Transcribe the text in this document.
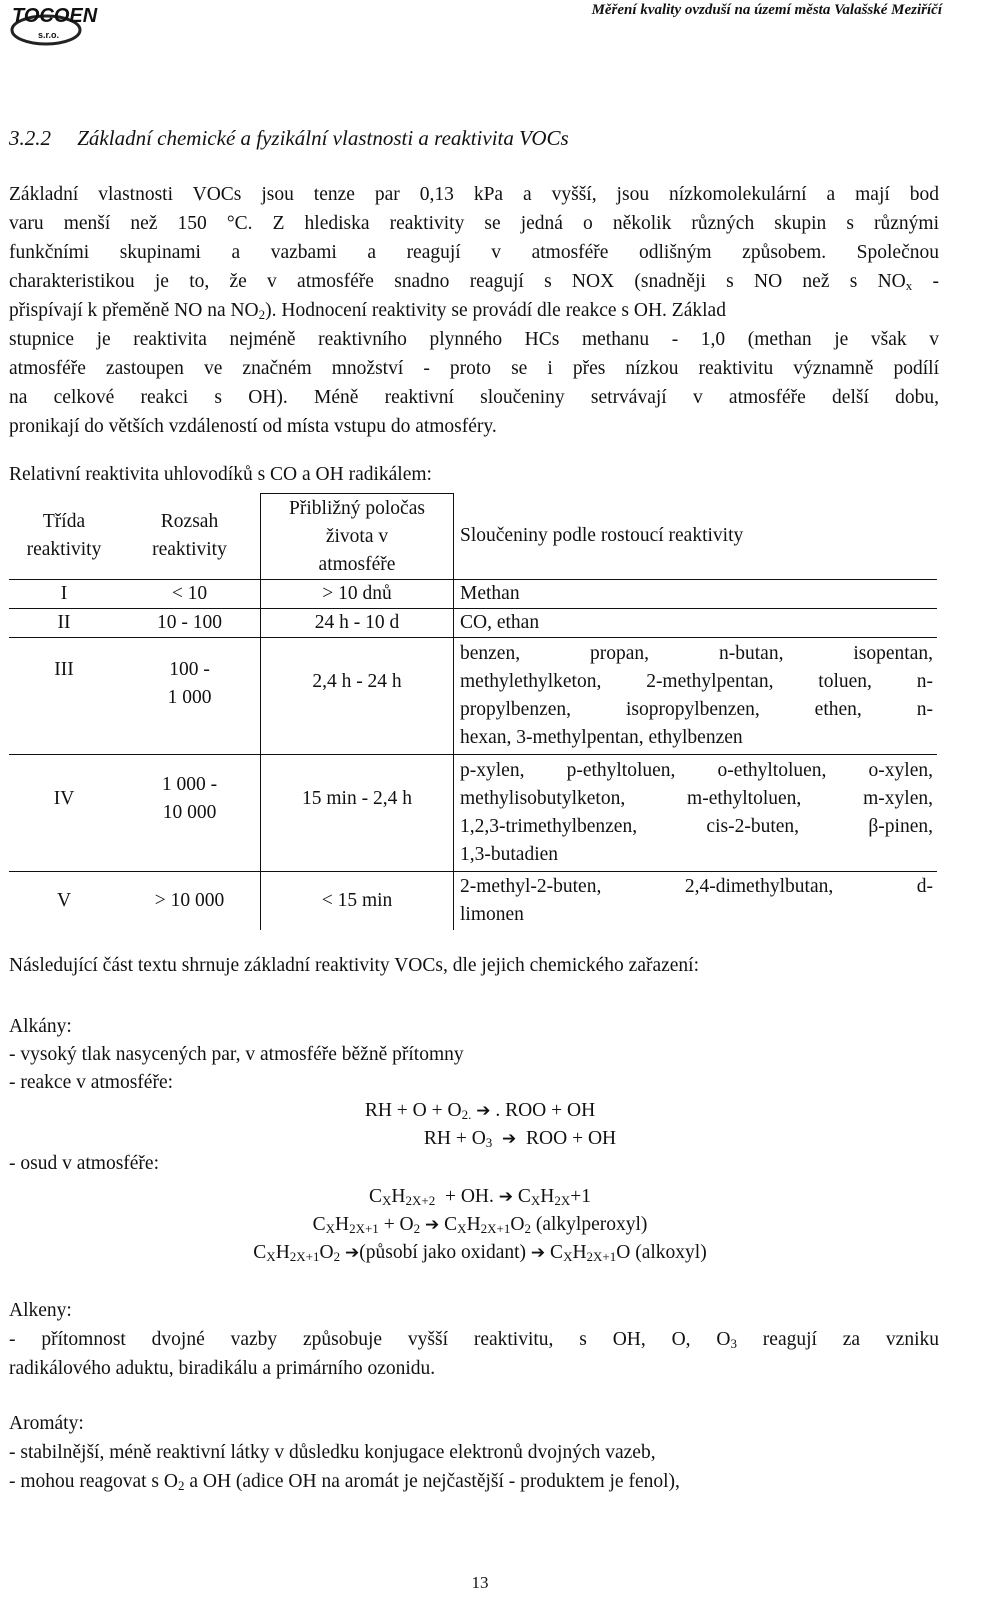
TOCOEN
s.r.o.
Měření kvality ovzduší na území města Valašské Meziříčí
3.2.2 Základní chemické a fyzikální vlastnosti a reaktivita VOCs
Základní vlastnosti VOCs jsou tenze par 0,13 kPa a vyšší, jsou nízkomolekulární a mají bod
varu menší než 150 °C. Z hlediska reaktivity se jedná o několik různých skupin s různými
funkčními skupinami a vazbami a reagují v atmosféře odlišným způsobem. Společnou
charakteristikou je to, že v atmosféře snadno reagují s NOX (snadněji s NO než s $NO_x$ -
přispívají k přeměně NO na $NO_2$). Hodnocení reaktivity se provádí dle reakce s OH. Základ
stupnice je reaktivita nejméně reaktivního plynného HCs methanu - 1,0 (methan je však v
atmosféře zastoupen ve značném množství - proto se i přes nízkou reaktivitu významně podílí
na celkové reakci s OH). Méně reaktivní sloučeniny setrvávají v atmosféře delší dobu,
pronikají do větších vzdáleností od místa vstupu do atmosféry.
Relativní reaktivita uhlovodíků s CO a OH radikálem:
Třída
reaktivity	Rozsah
reaktivity	Přibližný poločas
života v
atmosféře	Sloučeniny podle rostoucí reaktivity
I	< 10	> 10 dnů	Methan
II	10 - 100	24 h - 10 d	CO, ethan
III	100 -
1 000	2,4 h - 24 h	benzen, propan, n-butan, isopentan,
methylethylketon, 2-methylpentan, toluen, n-
propylbenzen, isopropylbenzen, ethen, n-
hexan, 3-methylpentan, ethylbenzen

IV	1 000 -
10 000	15 min - 2,4 h	p-xylen, p-ethyltoluen, o-ethyltoluen, o-xylen,
methylisobutylketon, m-ethyltoluen, m-xylen,
1,2,3-trimethylbenzen, cis-2-buten, β-pinen,
1,3-butadien

V	> 10 000	< 15 min	2-methyl-2-buten, 2,4-dimethylbutan, d-
limonen
Následující část textu shrnuje základní reaktivity VOCs, dle jejich chemického zařazení:
Alkány:
- vysoký tlak nasycených par, v atmosféře běžně přítomny
- reakce v atmosféře:
RH + $O + O_{2.}$ ➔ . ROO + OH
RH + $O_3$ ➔ ROO + OH
- osud v atmosféře:
$C_XH_{2X+2}$  + OH. ➔ $C_XH_{2X}+1$
$C_XH_{2X+1} + O_2$ ➔ $C_XH_{2X+1}O_2$ (alkylperoxyl)
$C_XH_{2X+1}O_2$ ➔(působí jako oxidant) ➔ $C_XH_{2X+1}O$ (alkoxyl)
Alkeny:
- přítomnost dvojné vazby způsobuje vyšší reaktivitu, s OH, O, $O_3$ reagují za vzniku
radikálového aduktu, biradikálu a primárního ozonidu.
Aromáty:
- stabilnější, méně reaktivní látky v důsledku konjugace elektronů dvojných vazeb,
- mohou reagovat s $O_2$ a OH (adice OH na aromát je nejčastější - produktem je fenol),
13
